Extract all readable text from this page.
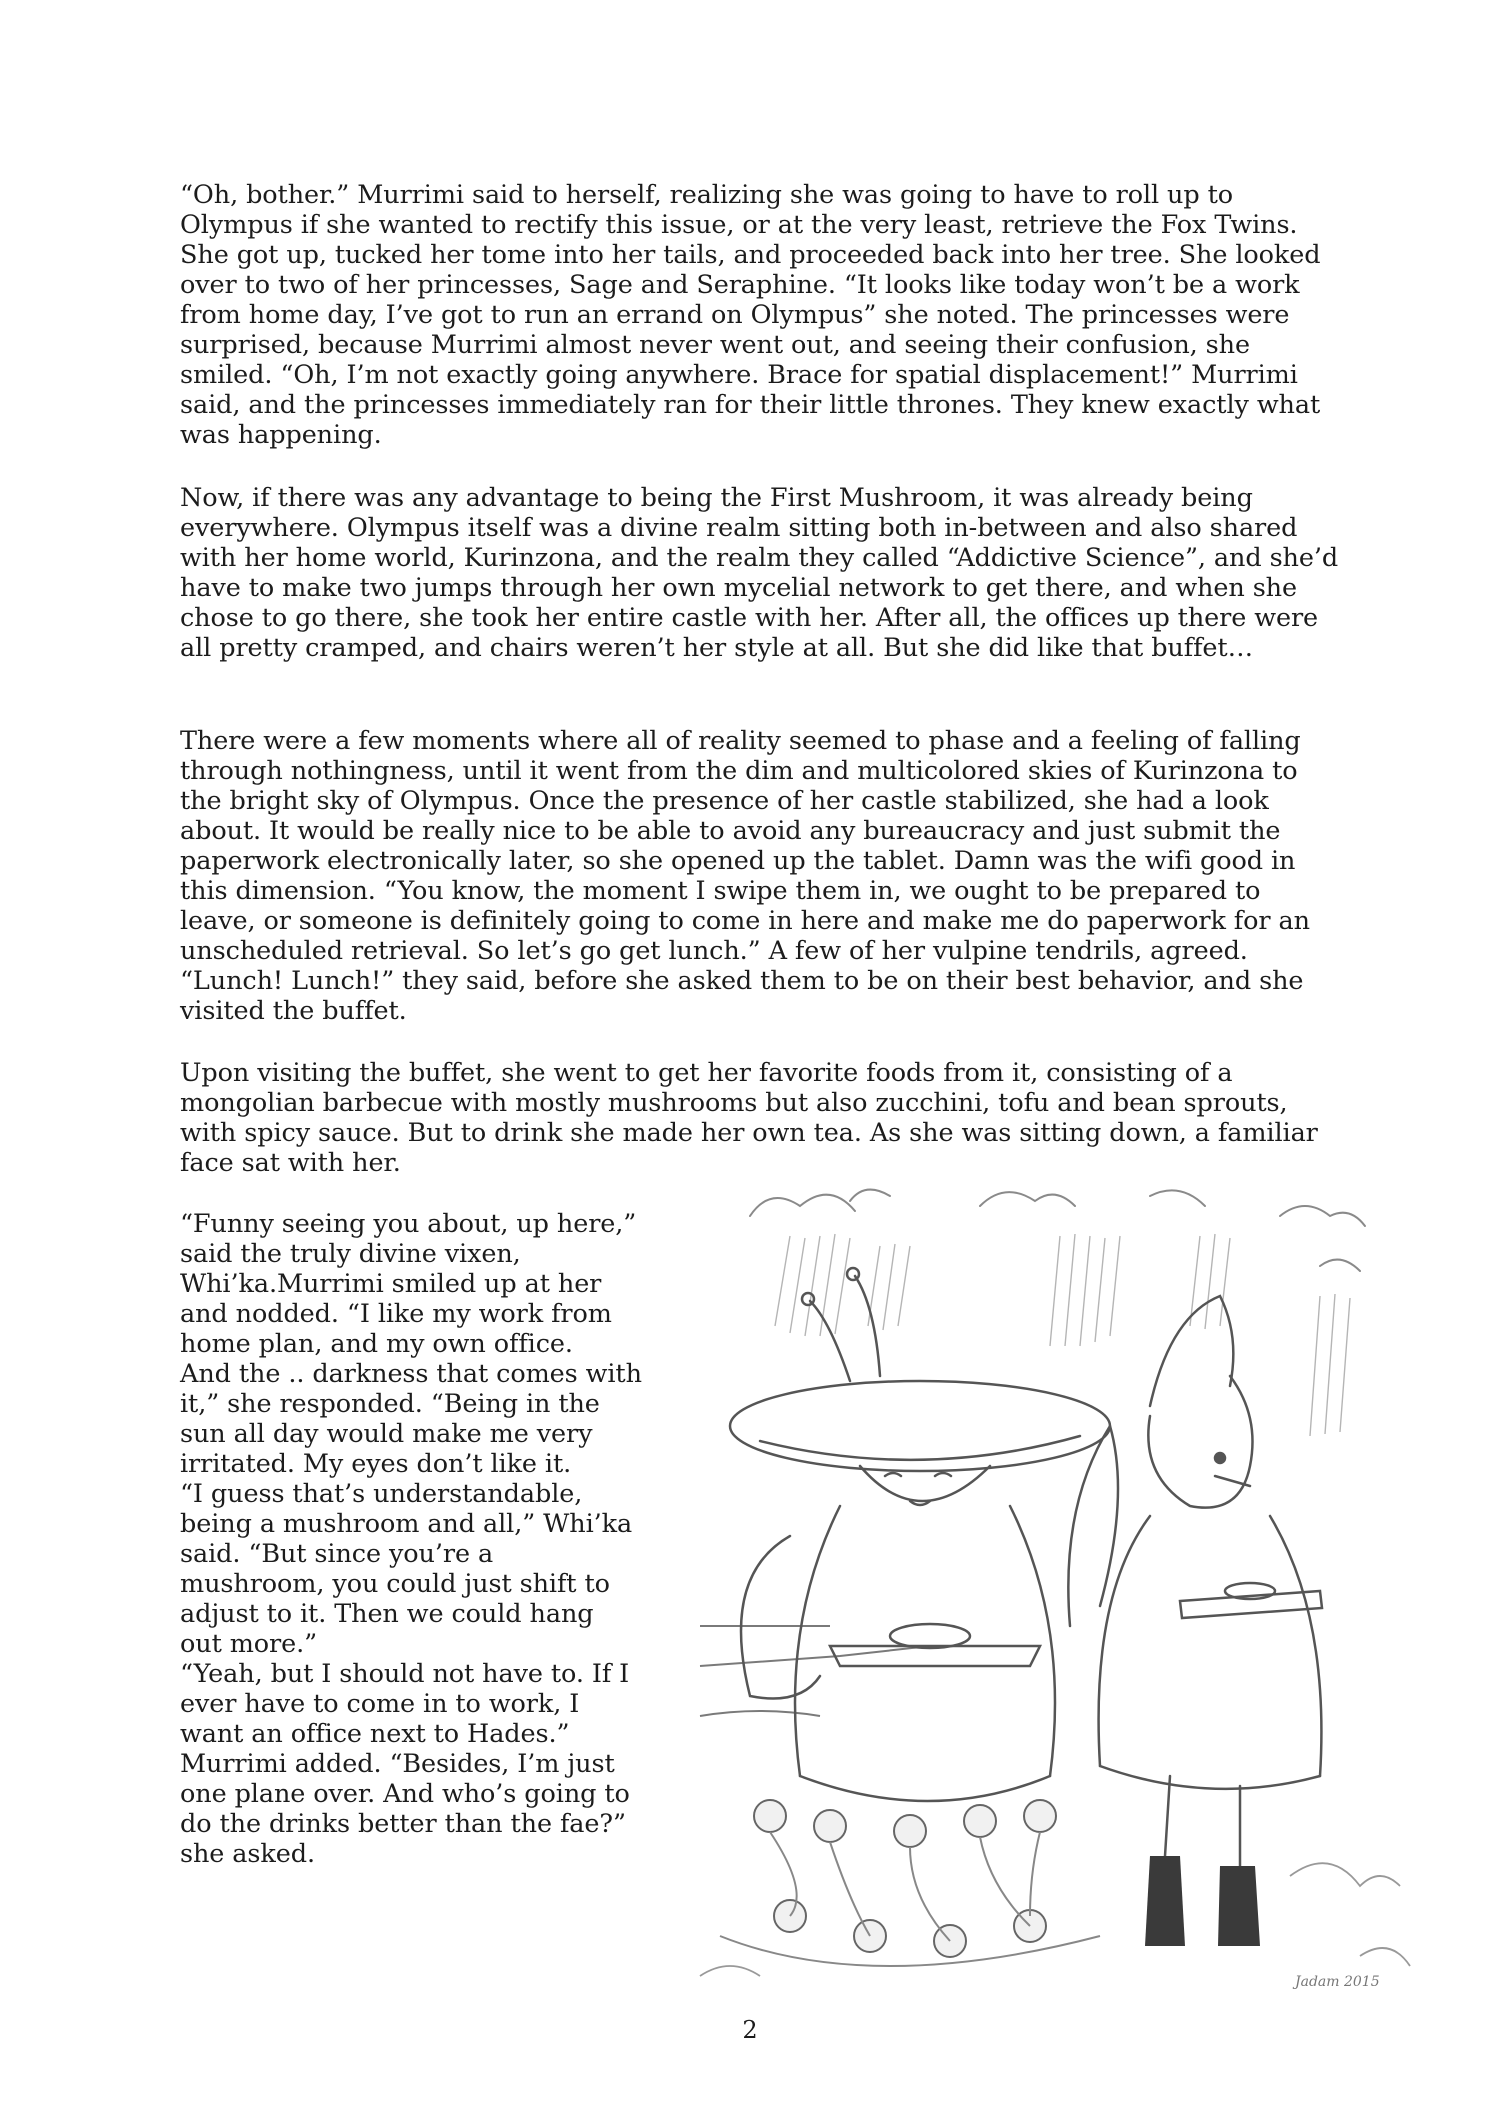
“Oh, bother.” Murrimi said to herself, realizing she was going to have to roll up to Olympus if she wanted to rectify this issue, or at the very least, retrieve the Fox Twins. She got up, tucked her tome into her tails, and proceeded back into her tree. She looked over to two of her princesses, Sage and Seraphine. “It looks like today won’t be a work from home day, I’ve got to run an errand on Olympus” she noted. The princesses were surprised, because Murrimi almost never went out, and seeing their confusion, she smiled. “Oh, I’m not exactly going anywhere. Brace for spatial displacement!” Murrimi said, and the princesses immediately ran for their little thrones. They knew exactly what was happening.

Now, if there was any advantage to being the First Mushroom, it was already being everywhere. Olympus itself was a divine realm sitting both in-between and also shared with her home world, Kurinzona, and the realm they called “Addictive Science”, and she’d have to make two jumps through her own mycelial network to get there, and when she chose to go there, she took her entire castle with her. After all, the offices up there were all pretty cramped, and chairs weren’t her style at all. But she did like that buffet…

There were a few moments where all of reality seemed to phase and a feeling of falling through nothingness, until it went from the dim and multicolored skies of Kurinzona to the bright sky of Olympus. Once the presence of her castle stabilized, she had a look about. It would be really nice to be able to avoid any bureaucracy and just submit the paperwork electronically later, so she opened up the tablet. Damn was the wifi good in this dimension. “You know, the moment I swipe them in, we ought to be prepared to leave, or someone is definitely going to come in here and make me do paperwork for an unscheduled retrieval. So let’s go get lunch.” A few of her vulpine tendrils, agreed. “Lunch! Lunch!” they said, before she asked them to be on their best behavior, and she visited the buffet.

Upon visiting the buffet, she went to get her favorite foods from it, consisting of a mongolian barbecue with mostly mushrooms but also zucchini, tofu and bean sprouts, with spicy sauce. But to drink she made her own tea. As she was sitting down, a familiar face sat with her.

“Funny seeing you about, up here,”
said the truly divine vixen,
Whi’ka.Murrimi smiled up at her
and nodded. “I like my work from
home plan, and my own office.
And the .. darkness that comes with
it,” she responded. “Being in the
sun all day would make me very
irritated. My eyes don’t like it.
“I guess that’s understandable,
being a mushroom and all,” Whi’ka
said. “But since you’re a
mushroom, you could just shift to
adjust to it. Then we could hang
out more.”
“Yeah, but I should not have to. If I
ever have to come in to work, I
want an office next to Hades.”
Murrimi added. “Besides, I’m just
one plane over. And who’s going to
do the drinks better than the fae?”
she asked.
Jadam 2015

2
